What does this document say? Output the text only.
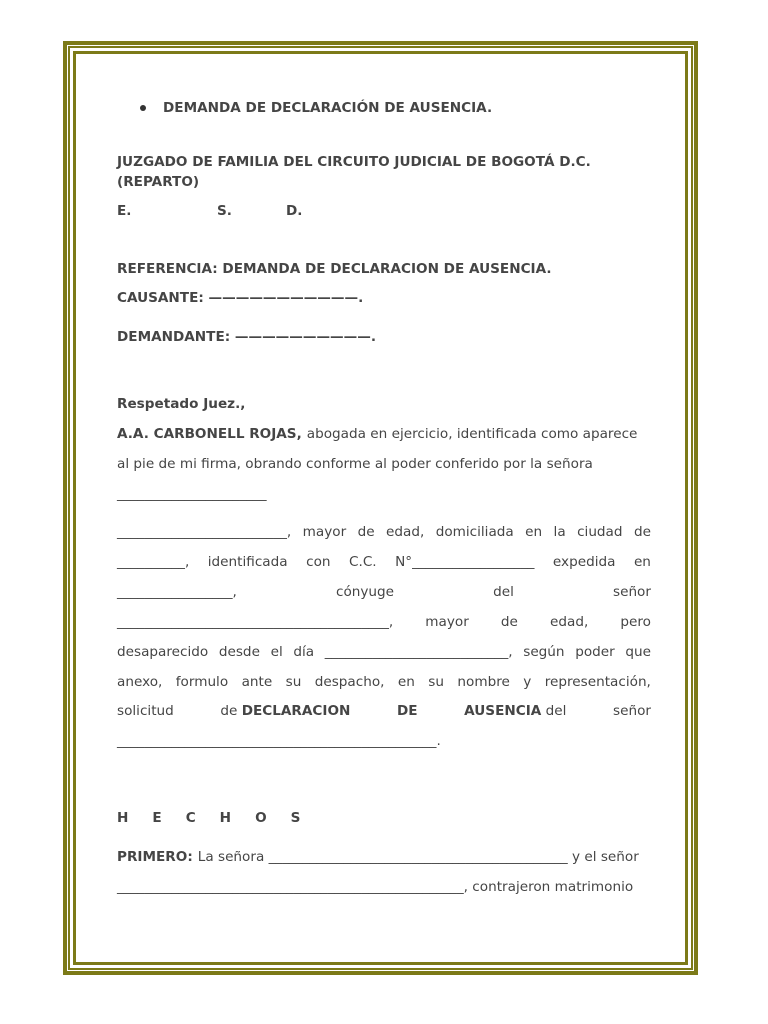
DEMANDA DE DECLARACIÓN DE AUSENCIA.
JUZGADO DE FAMILIA DEL CIRCUITO JUDICIAL DE BOGOTÁ D.C.
(REPARTO)
E.	S.	D.
REFERENCIA: DEMANDA DE DECLARACION DE AUSENCIA.
CAUSANTE: ———————————.
DEMANDANTE: ——————————.
Respetado Juez.,
A.A. CARBONELL ROJAS, abogada en ejercicio, identificada como aparece
al pie de mi firma, obrando conforme al poder conferido por la señora
______________________
_________________________, mayor de edad, domiciliada en la ciudad de
__________, identificada con C.C. N°__________________ expedida en
_________________,	cónyuge	del	señor
________________________________________, mayor de edad, pero
desaparecido desde el día ___________________________, según poder que
anexo, formulo ante su despacho, en su nombre y representación,
solicitud	de DECLARACION	DE	AUSENCIA del	señor
_______________________________________________.
H E C H O S
PRIMERO: La señora ____________________________________________ y el señor
___________________________________________________, contrajeron matrimonio
